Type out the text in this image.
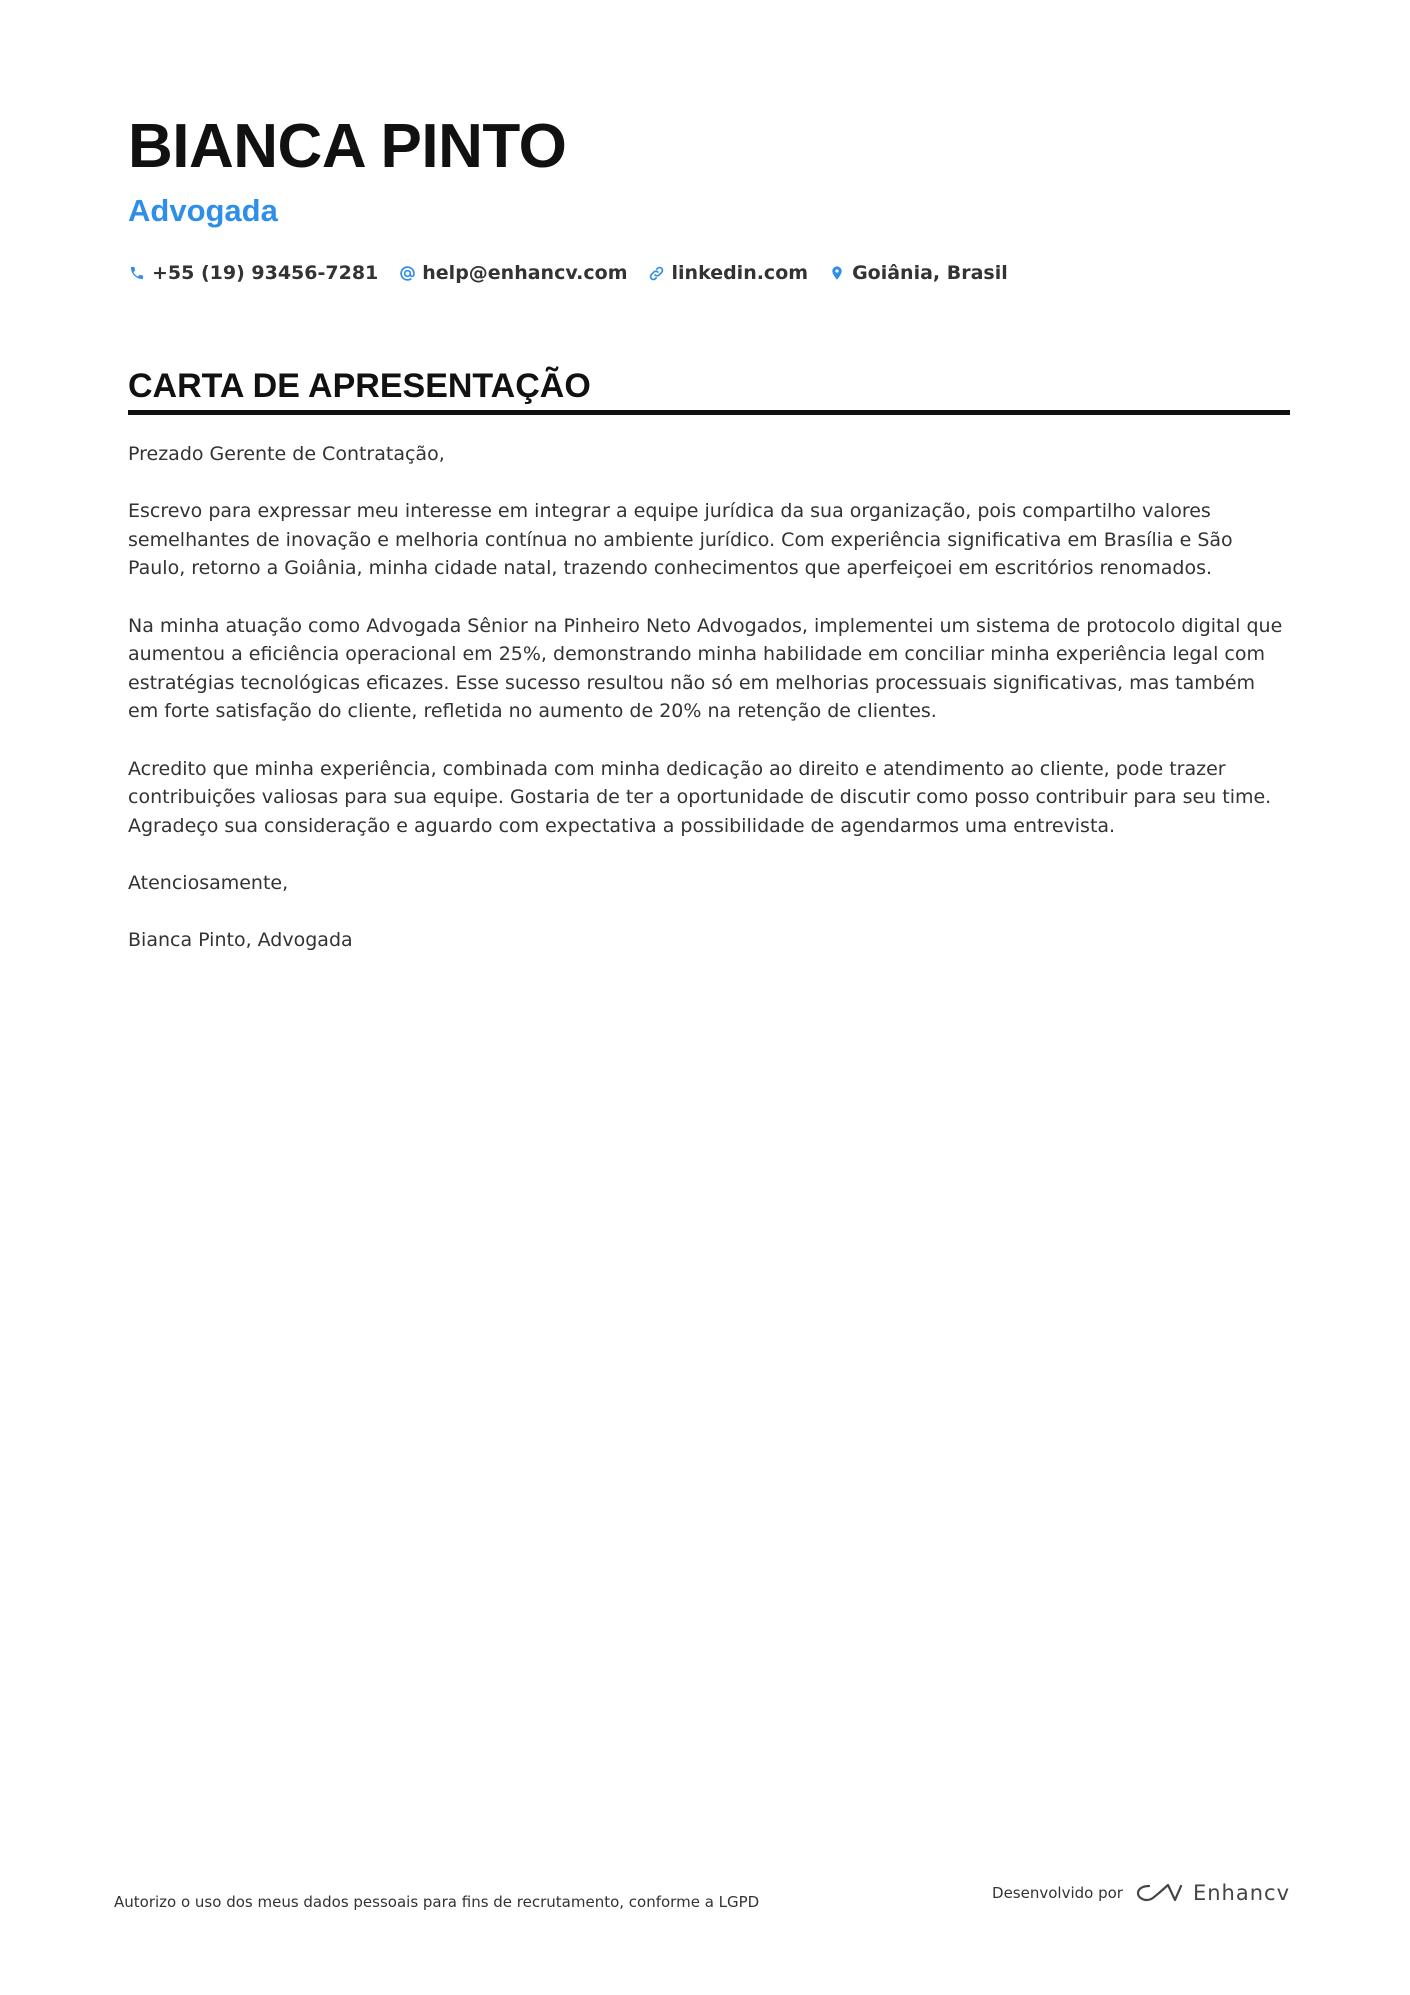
BIANCA PINTO
Advogada
+55 (19) 93456-7281 help@enhancv.com linkedin.com Goiânia, Brasil
CARTA DE APRESENTAÇÃO

Prezado Gerente de Contratação,

Escrevo para expressar meu interesse em integrar a equipe jurídica da sua organização, pois compartilho valores semelhantes de inovação e melhoria contínua no ambiente jurídico. Com experiência significativa em Brasília e São Paulo, retorno a Goiânia, minha cidade natal, trazendo conhecimentos que aperfeiçoei em escritórios renomados.

Na minha atuação como Advogada Sênior na Pinheiro Neto Advogados, implementei um sistema de protocolo digital que aumentou a eficiência operacional em 25%, demonstrando minha habilidade em conciliar minha experiência legal com estratégias tecnológicas eficazes. Esse sucesso resultou não só em melhorias processuais significativas, mas também em forte satisfação do cliente, refletida no aumento de 20% na retenção de clientes.

Acredito que minha experiência, combinada com minha dedicação ao direito e atendimento ao cliente, pode trazer contribuições valiosas para sua equipe. Gostaria de ter a oportunidade de discutir como posso contribuir para seu time. Agradeço sua consideração e aguardo com expectativa a possibilidade de agendarmos uma entrevista.

Atenciosamente,

Bianca Pinto, Advogada

Autorizo o uso dos meus dados pessoais para fins de recrutamento, conforme a LGPD	Desenvolvido por	Enhancv
